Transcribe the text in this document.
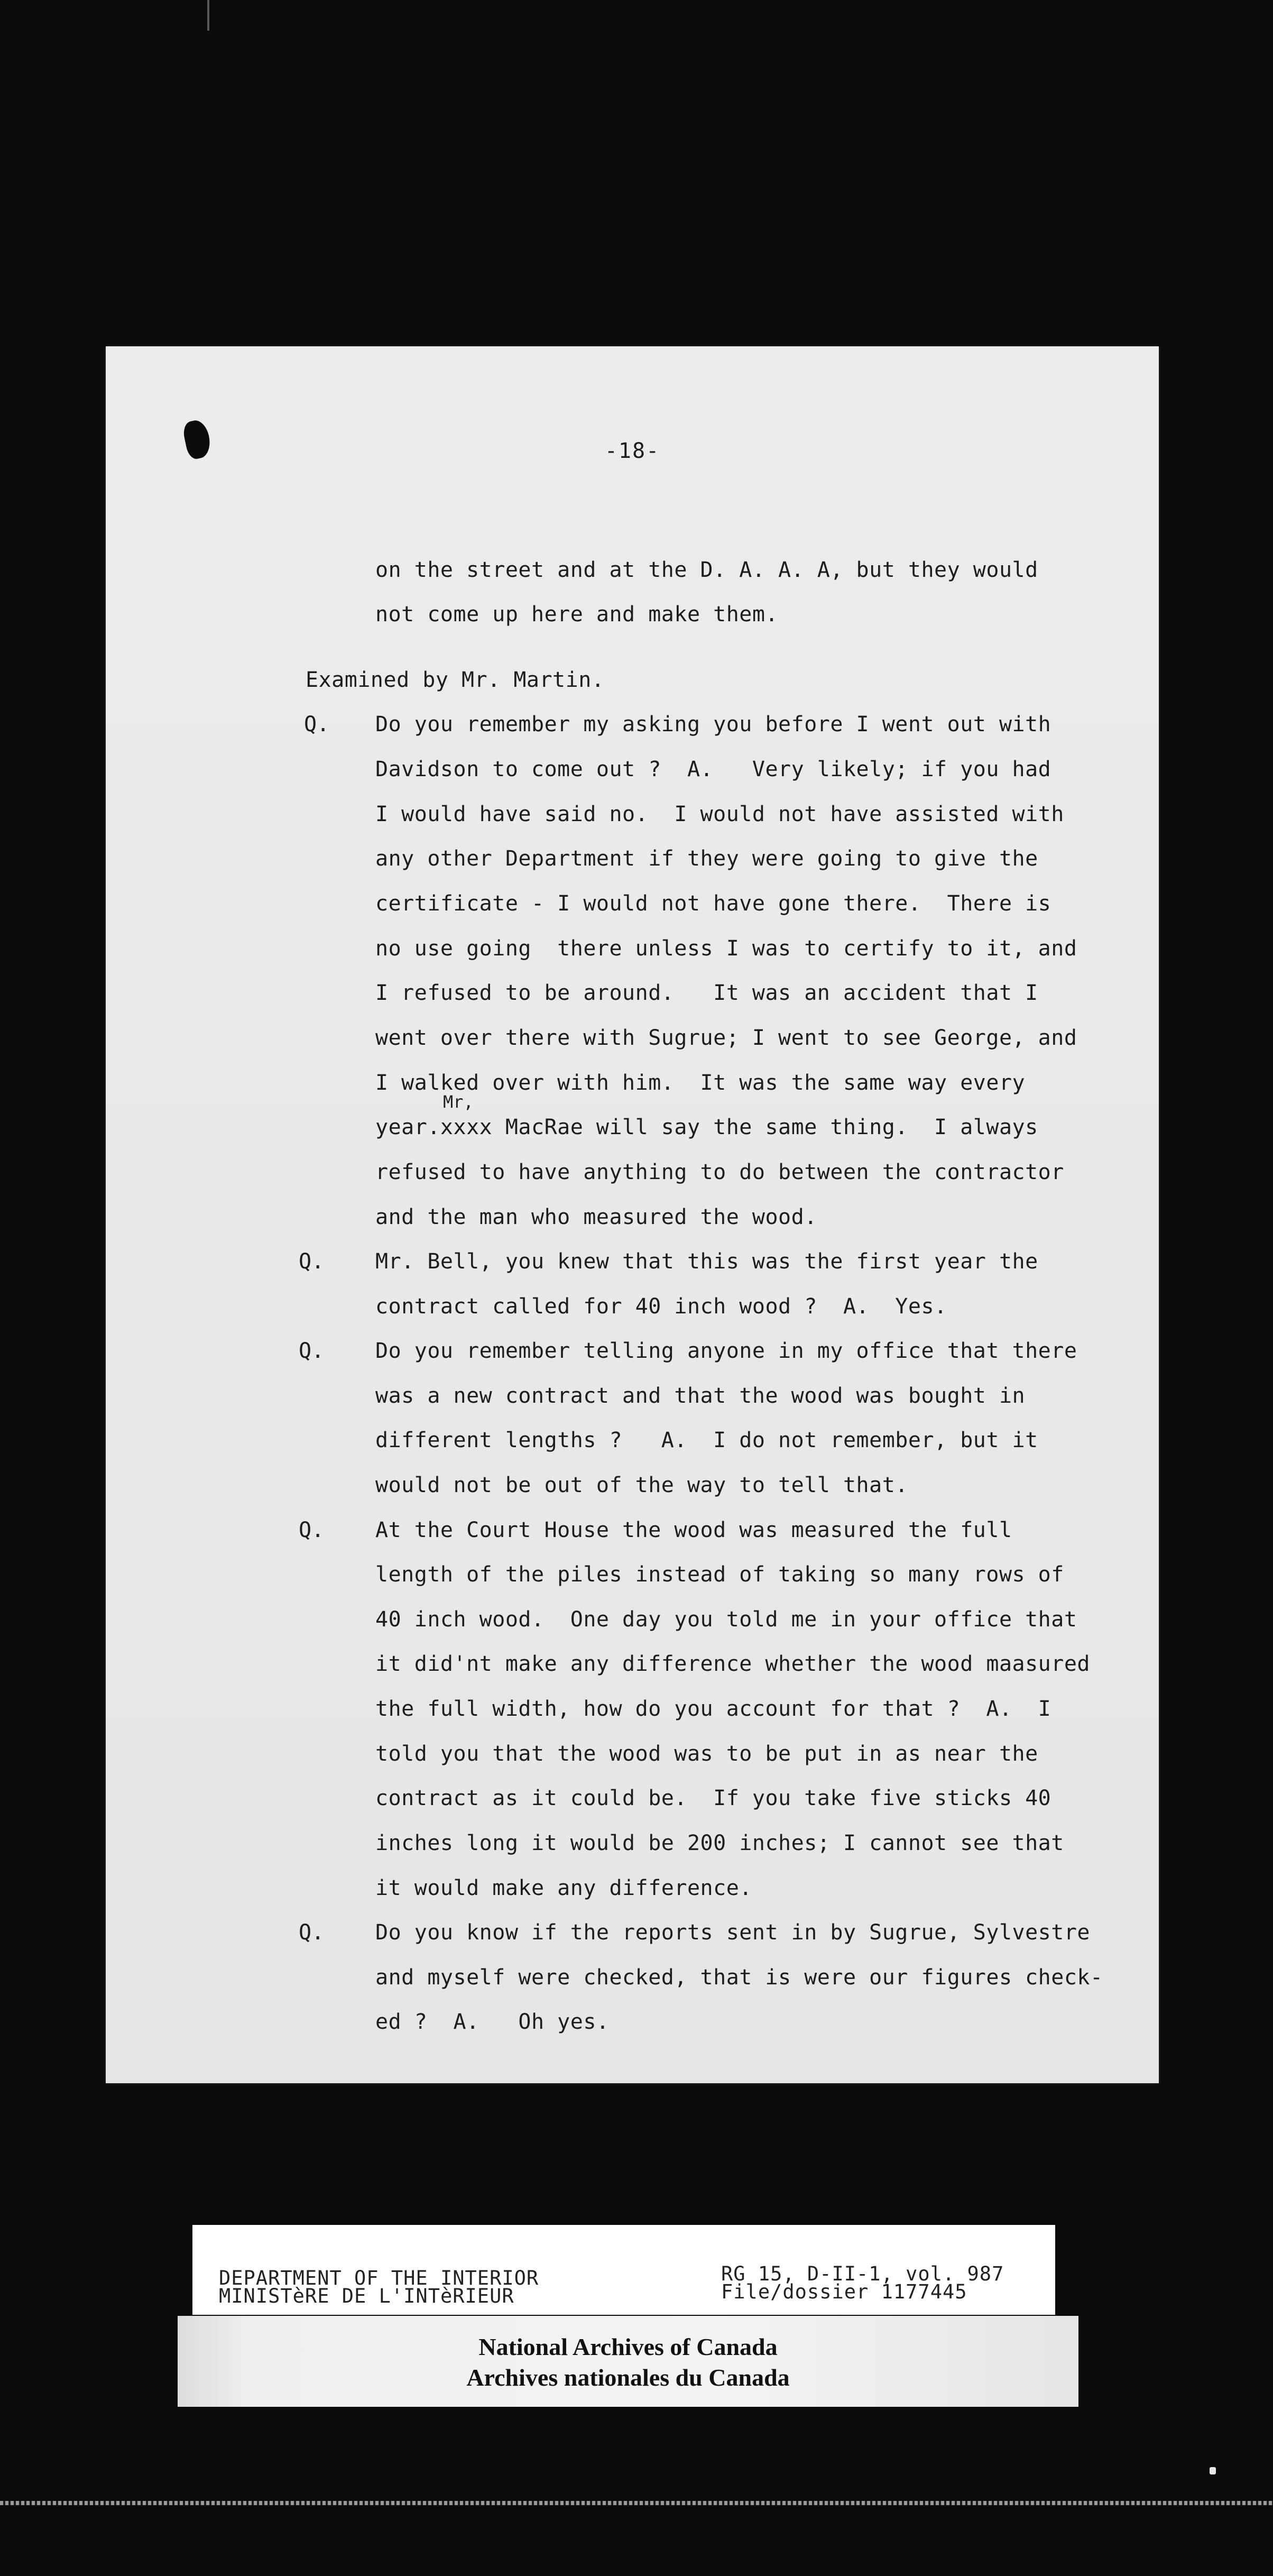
-18-
on the street and at the D. A. A. A, but they would
not come up here and make them.
Examined by Mr. Martin.
Q. Do you remember my asking you before I went out with
Davidson to come out ?  A.   Very likely; if you had
I would have said no.  I would not have assisted with
any other Department if they were going to give the
certificate - I would not have gone there.  There is
no use going  there unless I was to certify to it, and
I refused to be around.   It was an accident that I
went over there with Sugrue; I went to see George, and
I walked over with him.  It was the same way every
Mr,
year.xxxx MacRae will say the same thing.  I always
refused to have anything to do between the contractor
and the man who measured the wood.
Q. Mr. Bell, you knew that this was the first year the
contract called for 40 inch wood ?  A.  Yes.
Q. Do you remember telling anyone in my office that there
was a new contract and that the wood was bought in
different lengths ?   A.  I do not remember, but it
would not be out of the way to tell that.
Q. At the Court House the wood was measured the full
length of the piles instead of taking so many rows of
40 inch wood.  One day you told me in your office that
it did'nt make any difference whether the wood maasured
the full width, how do you account for that ?  A.  I
told you that the wood was to be put in as near the
contract as it could be.  If you take five sticks 40
inches long it would be 200 inches; I cannot see that
it would make any difference.
Q. Do you know if the reports sent in by Sugrue, Sylvestre
and myself were checked, that is were our figures check-
ed ?  A.   Oh yes.
DEPARTMENT OF THE INTERIOR
MINISTèRE DE L'INTèRIEUR
RG 15, D-II-1, vol. 987
File/dossier 1177445
National Archives of Canada
Archives nationales du Canada
